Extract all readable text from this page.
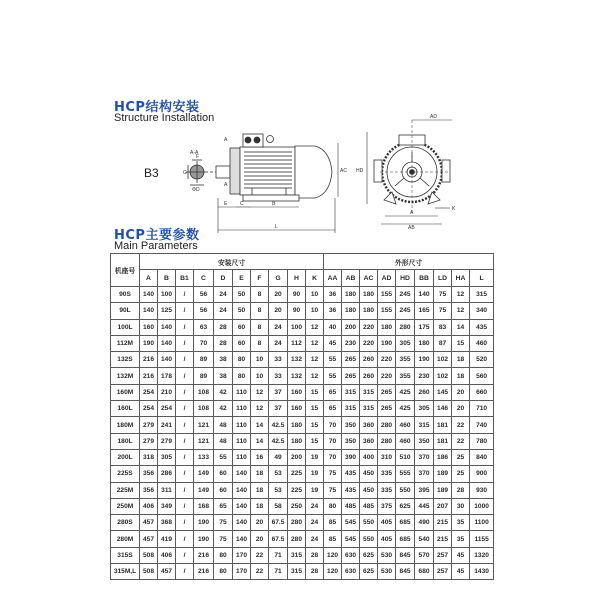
HCP结构安装
Structure Installation
B3
A-A
F
G
ΦD
A
A
E	C	B
L
AC HD
AD
K
A
AB
HCP主要参数
Main Parameters
机座号	安装尺寸										外形尺寸								
	A	B	B1	C	D	E	F	G	H	K	AA	AB	AC	AD	HD	BB	LD	HA	L
90S	140	100	/	56	24	50	8	20	90	10	36	180	180	155	245	140	75	12	315
90L	140	125	/	56	24	50	8	20	90	10	36	180	180	155	245	165	75	12	340
100L	160	140	/	63	28	60	8	24	100	12	40	200	220	180	280	175	83	14	435
112M	190	140	/	70	28	60	8	24	112	12	45	230	220	190	305	180	87	15	460
132S	216	140	/	89	38	80	10	33	132	12	55	265	260	220	355	190	102	18	520
132M	216	178	/	89	38	80	10	33	132	12	55	265	260	220	355	230	102	18	560
160M	254	210	/	108	42	110	12	37	160	15	65	315	315	265	425	260	145	20	660
160L	254	254	/	108	42	110	12	37	160	15	65	315	315	265	425	305	146	20	710
180M	279	241	/	121	48	110	14	42.5	180	15	70	350	360	280	460	315	181	22	740
180L	279	279	/	121	48	110	14	42.5	180	15	70	350	360	280	460	350	181	22	780
200L	318	305	/	133	55	110	16	49	200	19	70	390	400	310	510	370	186	25	840
225S	356	286	/	149	60	140	18	53	225	19	75	435	450	335	555	370	189	25	900
225M	356	311	/	149	60	140	18	53	225	19	75	435	450	335	550	395	189	28	930
250M	406	349	/	168	65	140	18	58	250	24	80	485	485	375	625	445	207	30	1000
280S	457	368	/	190	75	140	20	67.5	280	24	85	545	550	405	685	490	215	35	1100
280M	457	419	/	190	75	140	20	67.5	280	24	85	545	550	405	685	540	215	35	1155
315S	508	406	/	216	80	170	22	71	315	28	120	630	625	530	845	570	257	45	1320
315M,L	508	457	/	216	80	170	22	71	315	28	120	630	625	530	845	680	257	45	1430
